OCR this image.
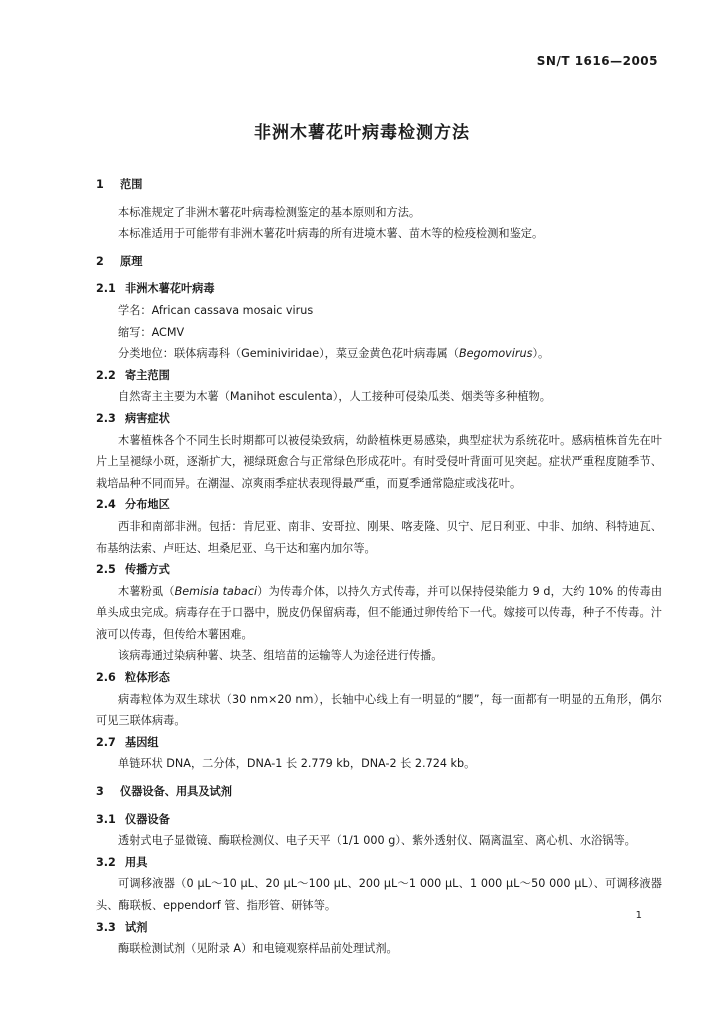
SN/T 1616—2005
非洲木薯花叶病毒检测方法

1 范围

本标准规定了非洲木薯花叶病毒检测鉴定的基本原则和方法。

本标准适用于可能带有非洲木薯花叶病毒的所有进境木薯、苗木等的检疫检测和鉴定。

2 原理

2.1 非洲木薯花叶病毒

学名：African cassava mosaic virus

缩写：ACMV

分类地位：联体病毒科（Geminiviridae），菜豆金黄色花叶病毒属（Begomovirus）。

2.2 寄主范围

自然寄主主要为木薯（Manihot esculenta），人工接种可侵染瓜类、烟类等多种植物。

2.3 病害症状

木薯植株各个不同生长时期都可以被侵染致病，幼龄植株更易感染，典型症状为系统花叶。感病植株首先在叶片上呈褪绿小斑，逐渐扩大，褪绿斑愈合与正常绿色形成花叶。有时受侵叶背面可见突起。症状严重程度随季节、栽培品种不同而异。在潮湿、凉爽雨季症状表现得最严重，而夏季通常隐症或浅花叶。

2.4 分布地区

西非和南部非洲。包括：肯尼亚、南非、安哥拉、刚果、喀麦隆、贝宁、尼日利亚、中非、加纳、科特迪瓦、布基纳法索、卢旺达、坦桑尼亚、乌干达和塞内加尔等。

2.5 传播方式

木薯粉虱（Bemisia tabaci）为传毒介体，以持久方式传毒，并可以保持侵染能力 9 d，大约 10% 的传毒由单头成虫完成。病毒存在于口器中，脱皮仍保留病毒，但不能通过卵传给下一代。嫁接可以传毒，种子不传毒。汁液可以传毒，但传给木薯困难。

该病毒通过染病种薯、块茎、组培苗的运输等人为途径进行传播。

2.6 粒体形态

病毒粒体为双生球状（30 nm×20 nm），长轴中心线上有一明显的“腰”，每一面都有一明显的五角形，偶尔可见三联体病毒。

2.7 基因组

单链环状 DNA，二分体，DNA-1 长 2.779 kb，DNA-2 长 2.724 kb。

3 仪器设备、用具及试剂

3.1 仪器设备

透射式电子显微镜、酶联检测仪、电子天平（1/1 000 g）、紫外透射仪、隔离温室、离心机、水浴锅等。

3.2 用具

可调移液器（0 μL～10 μL、20 μL～100 μL、200 μL～1 000 μL、1 000 μL～50 000 μL）、可调移液器头、酶联板、eppendorf 管、指形管、研钵等。

3.3 试剂

酶联检测试剂（见附录 A）和电镜观察样品前处理试剂。

1
